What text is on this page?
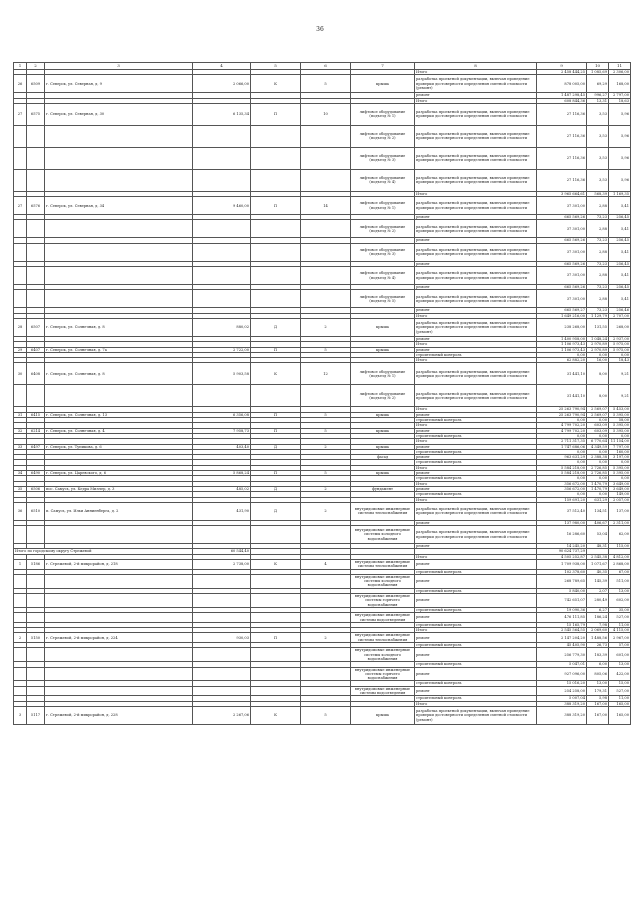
36
1	2	3	4	5	6	7	8	9	10	11
							Итого	2 458 444,25	1 085,69	2 306,00
26	6509	г. Северск, ул. Северная, д. 9	2 066,00	К	5	крыша	разработка проектной документации, включая проведение проверки достоверности определения сметной стоимости (ремонт)	878 005,00	69,29	168,00
							ремонт	1 487 298,45	996,27	2 797,00
							Итого	608 844,36	13,31	18,63
27	6575	г. Северск, ул. Северная, д. 30	6 135,34	П	10	лифтовое оборудование (подъезд № 1)	разработка проектной документации, включая проведение проверки достоверности определения сметной стоимости	27 116,36	3,53	5,96
						лифтовое оборудование (подъезд № 2)	разработка проектной документации, включая проведение проверки достоверности определения сметной стоимости	27 116,36	3,53	5,96
						лифтовое оборудование (подъезд № 3)	разработка проектной документации, включая проведение проверки достоверности определения сметной стоимости	27 116,36	3,53	5,96
						лифтовое оборудование (подъезд № 4)	разработка проектной документации, включая проведение проверки достоверности определения сметной стоимости	27 116,36	3,53	5,96
							Итого	3 965 664,61	568,39	1 169,35
27	6576	г. Северск, ул. Северная, д. 34	9 460,00	П	14	лифтовое оборудование (подъезд № 1)	разработка проектной документации, включая проведение проверки достоверности определения сметной стоимости	37 301,00	2,88	5,41
							ремонт	665 569,26	73,23	256,45
						лифтовое оборудование (подъезд № 2)	разработка проектной документации, включая проведение проверки достоверности определения сметной стоимости	37 301,00	2,88	5,41
							ремонт	665 569,26	73,23	256,45
						лифтовое оборудование (подъезд № 3)	разработка проектной документации, включая проведение проверки достоверности определения сметной стоимости	37 301,00	2,88	5,41
							ремонт	665 569,26	73,23	256,45
						лифтовое оборудование (подъезд № 4)	разработка проектной документации, включая проведение проверки достоверности определения сметной стоимости	37 301,00	2,88	5,41
							ремонт	665 569,26	73,23	256,45
						лифтовое оборудование (подъезд № 5)	разработка проектной документации, включая проведение проверки достоверности определения сметной стоимости	37 301,00	2,88	5,41
							ремонт	665 569,27	73,23	256,46
							Итого	1 649 216,00	1 129,79	2 707,00
28	6507	г. Северск, ул. Солнечная, д. 8	880,02	Д	2	крыша	разработка проектной документации, включая проведение проверки достоверности определения сметной стоимости (ремонт)	238 268,00	131,55	268,00
							ремонт	1 400 958,00	1 048,24	2 937,00
							Итого	1 106 973,43	2 970,89	5 975,00
29	6407	г. Северск, ул. Солнечная, д. 7а	2 722,00	П	5	крыша	ремонт	1 106 973,43	2 970,89	5 975,00
							строительный контроль	0,00	0,00	0,00
							Итого	62 882,20	16,00	18,43
30	6408	г. Северск, ул. Солнечная, д. 8	5 903,58	К	12	лифтовое оборудование (подъезд № 1)	разработка проектной документации, включая проведение проверки достоверности определения сметной стоимости	31 441,10	8,00	9,21
						лифтовое оборудование (подъезд № 2)	разработка проектной документации, включая проведение проверки достоверности определения сметной стоимости	31 441,10	8,00	9,21
							Итого	25 263 790,94	2 569,07	5 453,00
31	6415	г. Северск, ул. Солнечная, д. 13	6 356,08	П	5	крыша	ремонт	25 263 790,94	2 569,07	5 395,00
							строительный контроль	0,00	0,00	58,00
							Итого	4 799 702,20	603,09	5 395,00
32	6214	г. Северск, ул. Солнечная, д. 4	7 958,73	П	5	крыша	ремонт	4 799 702,20	603,09	5 395,00
							строительный контроль	0,00	0,00	0,00
							Итого	2 711 317,35	6 770,64	11 154,00
33	6497	г. Северск, ул. Тупикова, д. 6	403,40	Д	2	крыша	ремонт	1 747 686,06	4 349,59	7 797,00
							строительный контроль	0,00	0,00	160,00
						фасад	ремонт	963 631,29	2 388,38	3 197,00
							строительный контроль	0,00	0,00	0,00
							Итого	5 584 218,00	2 726,85	5 395,00
34	6490	г. Северск, ул. Царевского, д. 6	5 868,24	П	5	крыша	ремонт	5 584 218,00	2 726,85	5 395,00
							строительный контроль	0,00	0,00	0,00
							Итого	356 672,00	1 470,79	3 649,00
35	6506	пос. Самусь, ул. Кедра Миллер, д. 3	485,02	Д	2	фундамент	ремонт	356 672,00	1 470,79	3 649,00
							строительный контроль	0,00	0,00	149,00
							Итого	159 691,20	631,29	2 057,00
36	6510	п. Самусь, ул. Ильи Анниенберга, д. 2	431,90	Д	2	внутридомовые инженерные системы теплоснабжения	разработка проектной документации, включая проведение проверки достоверности определения сметной стоимости	37 512,40	134,51	137,00
							ремонт	137 980,00	406,67	2 311,00
						внутридомовые инженерные системы холодного водоснабжения	разработка проектной документации, включая проведение проверки достоверности определения сметной стоимости	16 286,60	53,04	62,00
							ремонт	14 245,20	48,31	115,00
Итого по городскому округу Стрежевой			60 544,40					90 624 737,29		
							Итого	4 505 252,87	2 545,38	4 812,00
1	5186	г. Стрежевой, 2-й микрорайон, д. 218	2 738,00	К	4	внутридомовые инженерные системы теплоснабжения	ремонт	1 709 938,00	1 071,67	2 868,00
							строительный контроль	102 378,60	40,35	67,00
						внутридомовые инженерные системы холодного водоснабжения	ремонт	268 789,65	145,39	511,00
							строительный контроль	5 840,00	2,07	13,00
						внутридомовые инженерные системы горячего водоснабжения	ремонт	742 651,07	280,49	602,00
							строительный контроль	19 090,36	6,27	35,00
						внутридомовые инженерные системы водоотведения	ремонт	476 111,85	186,24	527,00
							строительный контроль	15 165,79	7,98	11,00
							Итого	2 545 564,55	2 069,60	4 115,00
2	5150	г. Стрежевой, 2-й микрорайон, д. 224	930,03	П	2	внутридомовые инженерные системы теплоснабжения	ремонт	2 147 204,20	1 488,56	2 967,00
							строительный контроль	45 405,90	26,73	57,00
						внутридомовые инженерные системы холодного водоснабжения	ремонт	256 779,30	183,39	601,00
							строительный контроль	5 047,01	6,00	13,00
						внутридомовые инженерные системы горячего водоснабжения	ремонт	927 096,00	805,06	422,00
							строительный контроль	15 016,20	13,00	15,00
						внутридомовые инженерные системы водоотведения	ремонт	254 258,00	179,31	527,00
							строительный контроль	5 007,04	5,98	11,00
							Итого	388 319,20	167,00	165,00
3	5117	г. Стрежевой, 2-й микрорайон, д. 228	2 267,06	К	5	крыша	разработка проектной документации, включая проведение проверки достоверности определения сметной стоимости (ремонт)	388 319,20	167,00	165,00
